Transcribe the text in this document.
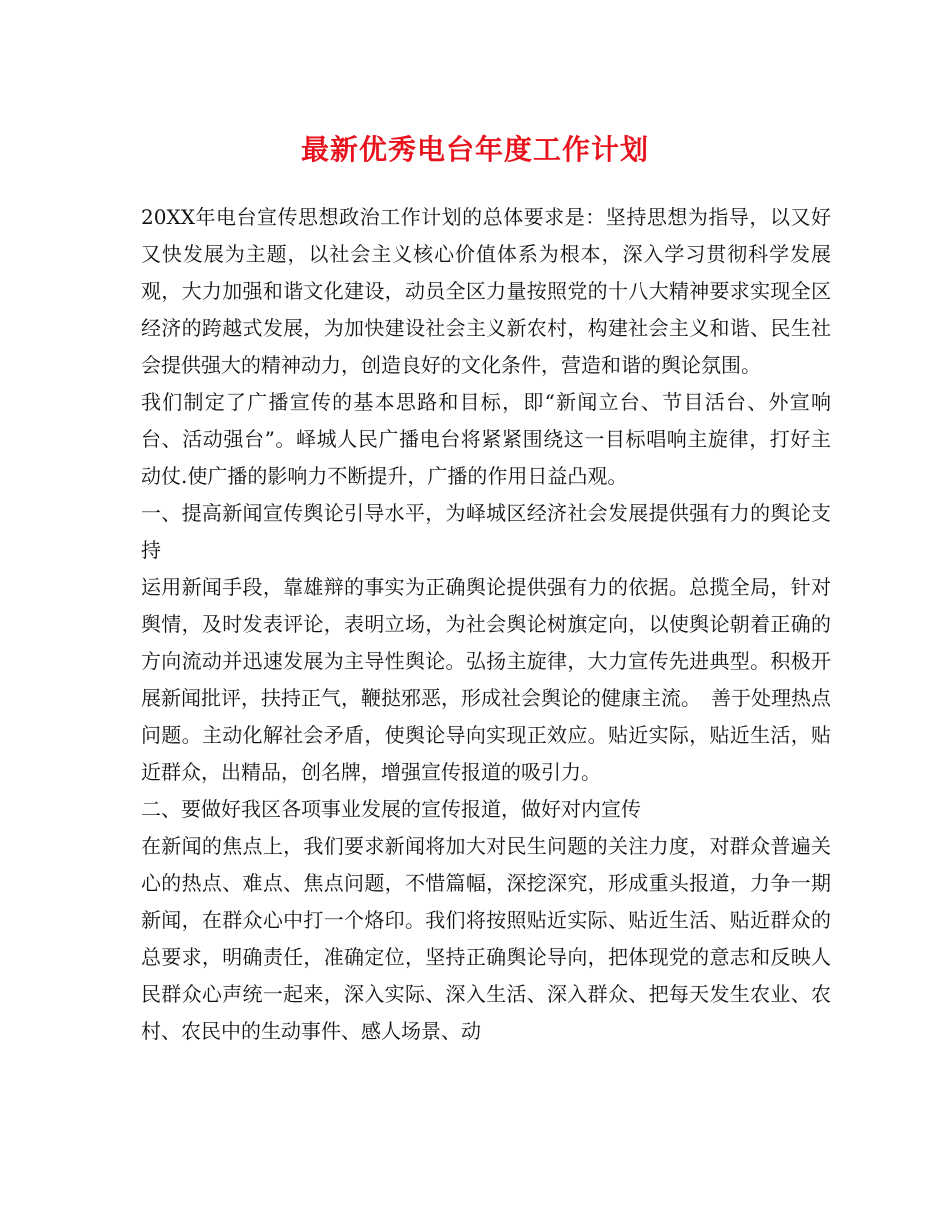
最新优秀电台年度工作计划

20XX年电台宣传思想政治工作计划的总体要求是：坚持思想为指导，以又好又快发展为主题，以社会主义核心价值体系为根本，深入学习贯彻科学发展观，大力加强和谐文化建设，动员全区力量按照党的十八大精神要求实现全区经济的跨越式发展，为加快建设社会主义新农村，构建社会主义和谐、民生社会提供强大的精神动力，创造良好的文化条件，营造和谐的舆论氛围。

我们制定了广播宣传的基本思路和目标，即“新闻立台、节目活台、外宣响台、活动强台”。峄城人民广播电台将紧紧围绕这一目标唱响主旋律，打好主动仗.使广播的影响力不断提升，广播的作用日益凸观。

一、提高新闻宣传舆论引导水平，为峄城区经济社会发展提供强有力的舆论支持

运用新闻手段，靠雄辩的事实为正确舆论提供强有力的依据。总揽全局，针对舆情，及时发表评论，表明立场，为社会舆论树旗定向，以使舆论朝着正确的方向流动并迅速发展为主导性舆论。弘扬主旋律，大力宣传先进典型。积极开展新闻批评，扶持正气，鞭挞邪恶，形成社会舆论的健康主流。　善于处理热点问题。主动化解社会矛盾，使舆论导向实现正效应。贴近实际，贴近生活，贴近群众，出精品，创名牌，增强宣传报道的吸引力。

二、要做好我区各项事业发展的宣传报道，做好对内宣传

在新闻的焦点上，我们要求新闻将加大对民生问题的关注力度，对群众普遍关心的热点、难点、焦点问题，不惜篇幅，深挖深究，形成重头报道，力争一期新闻，在群众心中打一个烙印。我们将按照贴近实际、贴近生活、贴近群众的总要求，明确责任，准确定位，坚持正确舆论导向，把体现党的意志和反映人民群众心声统一起来，深入实际、深入生活、深入群众、把每天发生农业、农村、农民中的生动事件、感人场景、动
